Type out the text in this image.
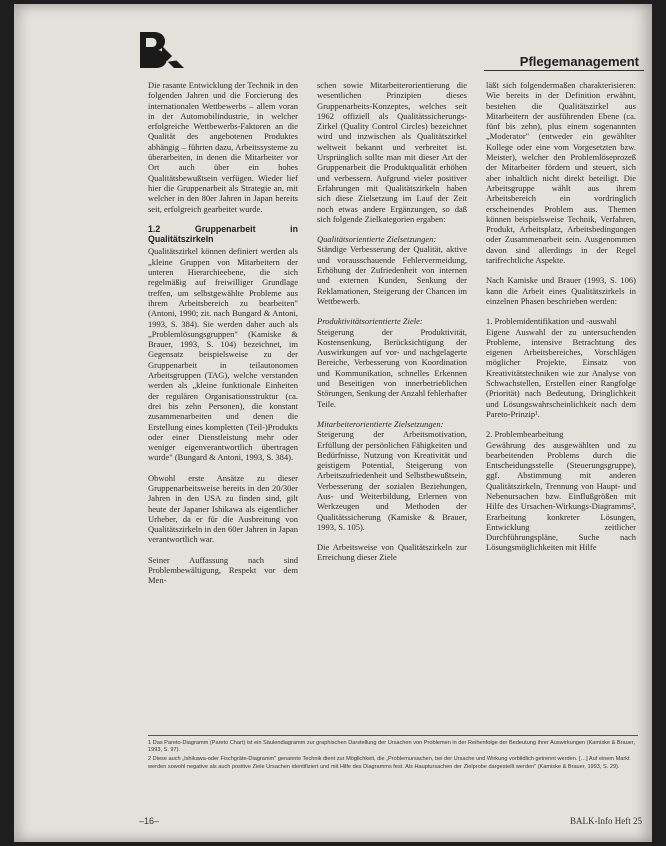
Pflegemanagement

Die rasante Entwicklung der Technik in den folgenden Jahren und die Forcierung des internationalen Wettbewerbs – allem voran in der Automobilindustrie, in welcher erfolgreiche Wettbewerbs-Faktoren an die Qualität des angebotenen Produktes abhängig – führten dazu, Arbeitssysteme zu überarbeiten, in denen die Mitarbeiter vor Ort auch über ein hohes Qualitätsbewußtsein verfügen. Wieder lief hier die Gruppenarbeit als Strategie an, mit welcher in den 80er Jahren in Japan bereits seit, erfolgreich gearbeitet wurde.

1.2 Gruppenarbeit in Qualitätszirkeln

Qualitätszirkel können definiert werden als „kleine Gruppen von Mitarbeitern der unteren Hierarchieebene, die sich regelmäßig auf freiwilliger Grundlage treffen, um selbstgewählte Probleme aus ihrem Arbeitsbereich zu bearbeiten" (Antoni, 1990; zit. nach Bungard & Antoni, 1993, S. 384). Sie werden daher auch als „Problemlösungsgruppen" (Kamiske & Brauer, 1993, S. 104) bezeichnet, im Gegensatz beispielsweise zu der Gruppenarbeit in teilautonomen Arbeitsgruppen (TAG), welche verstanden werden als „kleine funktionale Einheiten der regulären Organisationsstruktur (ca. drei bis zehn Personen), die konstant zusammenarbeiten und denen die Erstellung eines kompletten (Teil-)Produkts oder einer Dienstleistung mehr oder weniger eigenverantwortlich übertragen wurde" (Bungard & Antoni, 1993, S. 384).

Obwohl erste Ansätze zu dieser Gruppenarbeitsweise bereits in den 20/30er Jahren in den USA zu finden sind, gilt heute der Japaner Ishikawa als eigentlicher Urheber, da er für die Ausbreitung von Qualitätszirkeln in den 60er Jahren in Japan verantwortlich war.

Seiner Auffassung nach sind Problembewältigung, Respekt vor dem Men-

schen sowie Mitarbeiterorientierung die wesentlichen Prinzipien dieses Gruppenarbeits-Konzeptes, welches seit 1962 offiziell als Qualitätssicherungs-Zirkel (Quality Control Circles) bezeichnet wird und inzwischen als Qualitätszirkel weltweit bekannt und verbreitet ist. Ursprünglich sollte man mit dieser Art der Gruppenarbeit die Produktqualität erhöhen und verbessern. Aufgrund vieler positiver Erfahrungen mit Qualitätszirkeln haben sich diese Zielsetzung im Lauf der Zeit noch etwas andere Ergänzungen, so daß sich folgende Zielkategorien ergaben:

Qualitätsorientierte Zielsetzungen:

Ständige Verbesserung der Qualität, aktive und vorausschauende Fehlervermeidung, Erhöhung der Zufriedenheit von internen und externen Kunden, Senkung der Reklamationen, Steigerung der Chancen im Wettbewerb.

Produktivitätsorientierte Ziele:

Steigerung der Produktivität, Kostensenkung, Berücksichtigung der Auswirkungen auf vor- und nachgelagerte Bereiche, Verbesserung von Koordination und Kommunikation, schnelles Erkennen und Beseitigen von innerbetrieblichen Störungen, Senkung der Anzahl fehlerhafter Teile.

Mitarbeiterorientierte Zielsetzungen:

Steigerung der Arbeitsmotivation, Erfüllung der persönlichen Fähigkeiten und Bedürfnisse, Nutzung von Kreativität und geistigem Potential, Steigerung von Arbeitszufriedenheit und Selbstbewußtsein, Verbesserung der sozialen Beziehungen, Aus- und Weiterbildung, Erlernen von Werkzeugen und Methoden der Qualitätssicherung (Kamiske & Brauer, 1993, S. 105).

Die Arbeitsweise von Qualitätszirkeln zur Erreichung dieser Ziele

läßt sich folgendermaßen charakterisieren: Wie bereits in der Definition erwähnt, bestehen die Qualitätszirkel aus Mitarbeitern der ausführenden Ebene (ca. fünf bis zehn), plus einem sogenannten „Moderator" (entweder ein gewählter Kollege oder eine vom Vorgesetzten bzw. Meister), welcher den Problemlöseprozeß der Mitarbeiter fördern und steuert, sich aber inhaltlich nicht direkt beteiligt. Die Arbeitsgruppe wählt aus ihrem Arbeitsbereich ein vordringlich erscheinendes Problem aus. Themen können beispielsweise Technik, Verfahren, Produkt, Arbeitsplatz, Arbeitsbedingungen oder Zusammenarbeit sein. Ausgenommen davon sind allerdings in der Regel tarifrechtliche Aspekte.

Nach Kamiske und Brauer (1993, S. 106) kann die Arbeit eines Qualitätszirkels in einzelnen Phasen beschrieben werden:

1. Problemidentifikation und -auswahl

Eigene Auswahl der zu untersuchenden Probleme, intensive Betrachtung des eigenen Arbeitsbereiches, Vorschlägen möglicher Projekte, Einsatz von Kreativitätstechniken wie zur Analyse von Schwachstellen, Erstellen einer Rangfolge (Priorität) nach Bedeutung, Dringlichkeit und Lösungswahrscheinlichkeit nach dem Pareto-Prinzip¹.

2. Problembearbeitung

Gewährung des ausgewählten und zu bearbeitenden Problems durch die Entscheidungsstelle (Steuerungsgruppe), ggf. Abstimmung mit anderen Qualitätszirkeln, Trennung von Haupt- und Nebenursachen bzw. Einflußgrößen mit Hilfe des Ursachen-Wirkungs-Diagramms², Erarbeitung konkreter Lösungen, Entwicklung zeitlicher Durchführungspläne, Suche nach Lösungsmöglichkeiten mit Hilfe

1 Das Pareto-Diagramm (Pareto Chart) ist ein Säulendiagramm zur graphischen Darstellung der Ursachen von Problemen in der Reihenfolge der Bedeutung ihrer Auswirkungen (Kamiske & Brauer, 1993, S. 97).

2 Diese auch „Ishikawa-oder Fischgräte-Diagramm" genannte Technik dient zur Möglichkeit, die „Problemursachen, bei der Ursache und Wirkung vorbildlich getrennt werden. […] Auf einem Markt werden sowohl negative als auch positive Ziele Ursachen identifiziert und mit Hilfe des Diagramms fest. Als Hauptursachen der Zielprobe dargestellt werden" (Kamiske & Brauer, 1993, S. 29).

–16–	BALK-Info Heft 25
